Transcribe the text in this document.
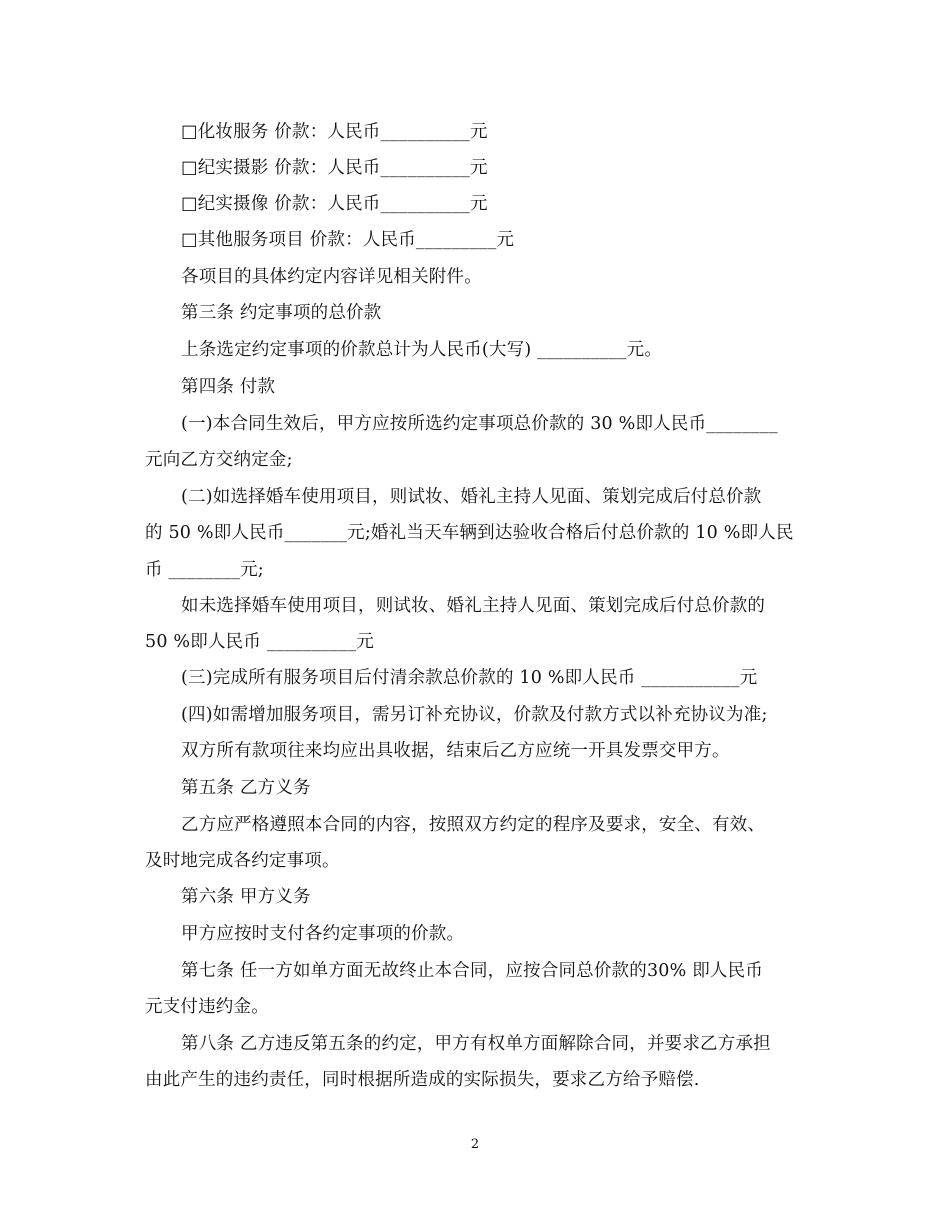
□化妆服务 价款：人民币__________元
□纪实摄影 价款：人民币__________元
□纪实摄像 价款：人民币__________元
□其他服务项目 价款：人民币_________元
各项目的具体约定内容详见相关附件。
第三条 约定事项的总价款
上条选定约定事项的价款总计为人民币(大写) __________元。
第四条 付款
(一)本合同生效后，甲方应按所选约定事项总价款的 30 %即人民币________
元向乙方交纳定金;
(二)如选择婚车使用项目，则试妆、婚礼主持人见面、策划完成后付总价款
的 50 %即人民币_______元;婚礼当天车辆到达验收合格后付总价款的 10 %即人民
币 ________元;
如未选择婚车使用项目，则试妆、婚礼主持人见面、策划完成后付总价款的
50 %即人民币 __________元
(三)完成所有服务项目后付清余款总价款的 10 %即人民币 ___________元
(四)如需增加服务项目，需另订补充协议，价款及付款方式以补充协议为准;
双方所有款项往来均应出具收据，结束后乙方应统一开具发票交甲方。
第五条 乙方义务
乙方应严格遵照本合同的内容，按照双方约定的程序及要求，安全、有效、
及时地完成各约定事项。
第六条 甲方义务
甲方应按时支付各约定事项的价款。
第七条 任一方如单方面无故终止本合同，应按合同总价款的30% 即人民币
元支付违约金。
第八条 乙方违反第五条的约定，甲方有权单方面解除合同，并要求乙方承担
由此产生的违约责任，同时根据所造成的实际损失，要求乙方给予赔偿.
2
